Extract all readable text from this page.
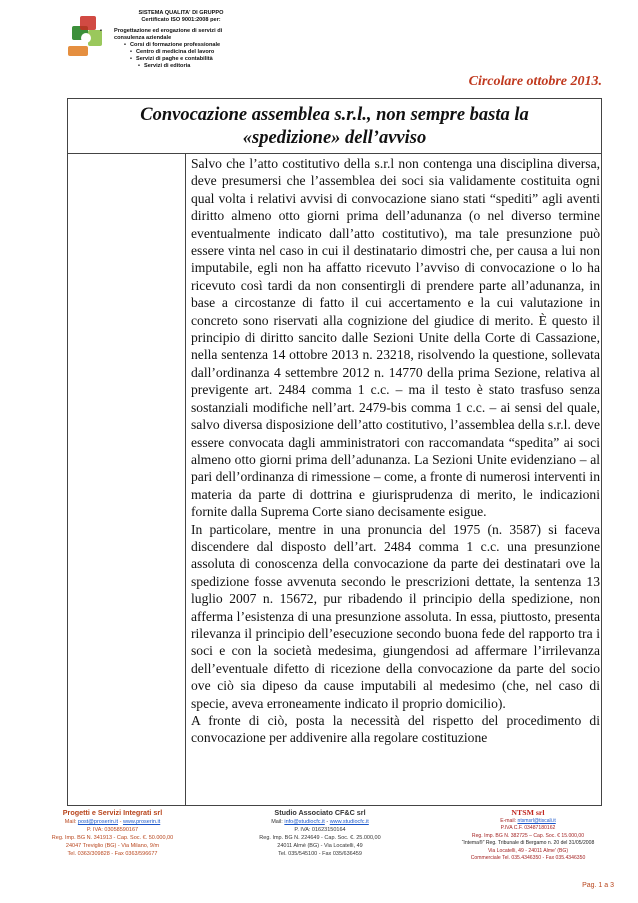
SISTEMA QUALITA' DI GRUPPO
Certificato ISO 9001:2008 per:
• Progettazione ed erogazione di servizi di consulenza aziendale
• Corsi di formazione professionale
• Centro di medicina del lavoro
• Servizi di paghe e contabilità
• Servizi di editoria
Circolare ottobre 2013.
Convocazione assemblea s.r.l., non sempre basta la
«spedizione» dell’avviso

Salvo che l’atto costitutivo della s.r.l non contenga una disciplina diversa, deve presumersi che l’assemblea dei soci sia validamente costituita ogni qual volta i relativi avvisi di convocazione siano stati “spediti” agli aventi diritto almeno otto giorni prima dell’adunanza (o nel diverso termine eventualmente indicato dall’atto costitutivo), ma tale presunzione può essere vinta nel caso in cui il destinatario dimostri che, per causa a lui non imputabile, egli non ha affatto ricevuto l’avviso di convocazione o lo ha ricevuto così tardi da non consentirgli di prendere parte all’adunanza, in base a circostanze di fatto il cui accertamento e la cui valutazione in concreto sono riservati alla cognizione del giudice di merito. È questo il principio di diritto sancito dalle Sezioni Unite della Corte di Cassazione, nella sentenza 14 ottobre 2013 n. 23218, risolvendo la questione, sollevata dall’ordinanza 4 settembre 2012 n. 14770 della prima Sezione, relativa al previgente art. 2484 comma 1 c.c. – ma il testo è stato trasfuso senza sostanziali modifiche nell’art. 2479-bis comma 1 c.c. – ai sensi del quale, salvo diversa disposizione dell’atto costitutivo, l’assemblea della s.r.l. deve essere convocata dagli amministratori con raccomandata “spedita” ai soci almeno otto giorni prima dell’adunanza. La Sezioni Unite evidenziano – al pari dell’ordinanza di rimessione – come, a fronte di numerosi interventi in materia da parte di dottrina e giurisprudenza di merito, le indicazioni fornite dalla Suprema Corte siano decisamente esigue.

In particolare, mentre in una pronuncia del 1975 (n. 3587) si faceva discendere dal disposto dell’art. 2484 comma 1 c.c. una presunzione assoluta di conoscenza della convocazione da parte dei destinatari ove la spedizione fosse avvenuta secondo le prescrizioni dettate, la sentenza 13 luglio 2007 n. 15672, pur ribadendo il principio della spedizione, non afferma l’esistenza di una presunzione assoluta. In essa, piuttosto, presenta rilevanza il principio dell’esecuzione secondo buona fede del rapporto tra i soci e con la società medesima, giungendosi ad affermare l’irrilevanza dell’eventuale difetto di ricezione della convocazione da parte del socio ove ciò sia dipeso da cause imputabili al medesimo (che, nel caso di specie, aveva erroneamente indicato il proprio domicilio).

A fronte di ciò, posta la necessità del rispetto del procedimento di convocazione per addivenire alla regolare costituzione

Progetti e Servizi Integrati srl
Mail: post@proserin.it - www.proserin.it
P. IVA: 03058590167
Reg. Imp. BG N. 341913 - Cap. Soc. €. 50.000,00
24047 Treviglio (BG) - Via Milano, 9/m
Tel. 0363/309828 - Fax 0363/596677
Studio Associato CF&C srl
Mail: info@studiocfc.it - www.studiocfc.it
P. IVA: 01623150164
Reg. Imp. BG N. 224649 - Cap. Soc. €. 25.000,00
24011 Almè (BG) - Via Locatelli, 49
Tel. 035/545100 - Fax 035/636459
NTSM srl
E-mail: ntsmsrl@tiscali.it
P.IVA C.F. 03487180162
Reg. Imp. BG N. 382725 – Cap. Soc. € 15.000,00
“Intema®” Reg. Tribunale di Bergamo n. 20 del 31/05/2008
Via Locatelli, 49 - 24011 Alme' (BG)
Commerciale Tel. 035.4346350 - Fax 035.4346350
Pag. 1 a 3
